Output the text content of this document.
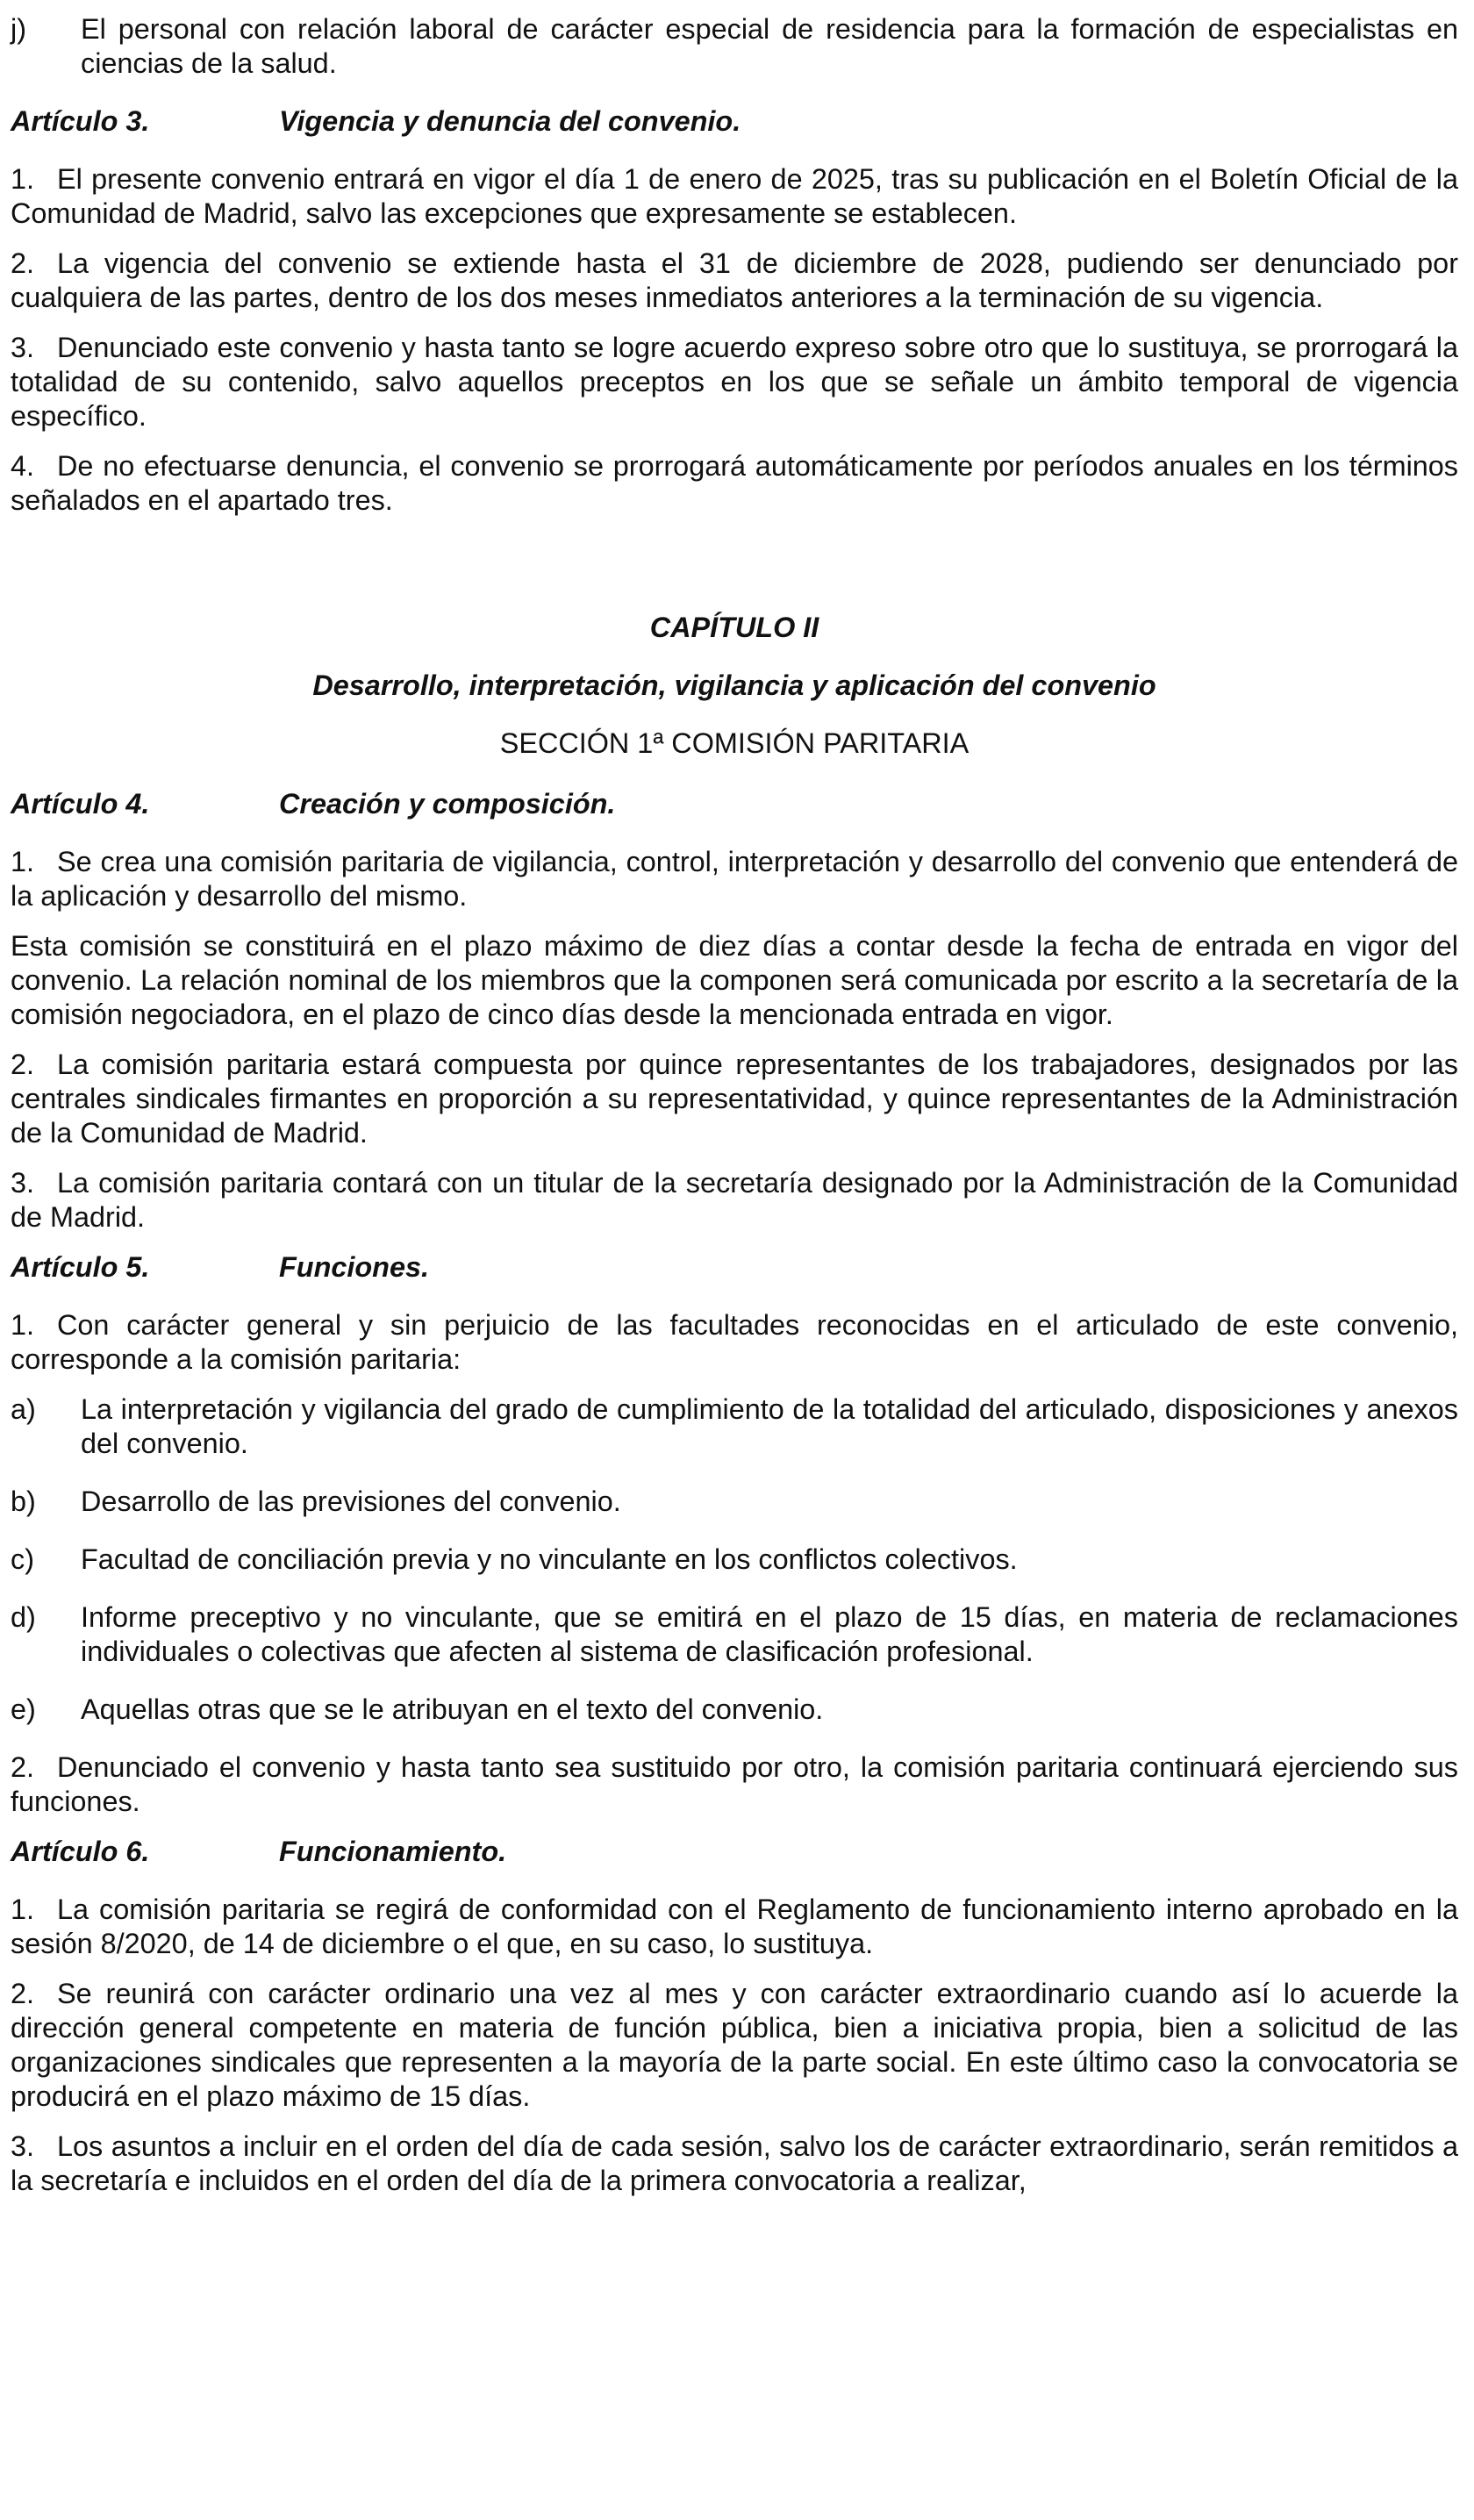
j)	El personal con relación laboral de carácter especial de residencia para la formación de especialistas en ciencias de la salud.
Artículo 3.	Vigencia y denuncia del convenio.

1. El presente convenio entrará en vigor el día 1 de enero de 2025, tras su publicación en el Boletín Oficial de la Comunidad de Madrid, salvo las excepciones que expresamente se establecen.

2. La vigencia del convenio se extiende hasta el 31 de diciembre de 2028, pudiendo ser denunciado por cualquiera de las partes, dentro de los dos meses inmediatos anteriores a la terminación de su vigencia.

3. Denunciado este convenio y hasta tanto se logre acuerdo expreso sobre otro que lo sustituya, se prorrogará la totalidad de su contenido, salvo aquellos preceptos en los que se señale un ámbito temporal de vigencia específico.

4. De no efectuarse denuncia, el convenio se prorrogará automáticamente por períodos anuales en los términos señalados en el apartado tres.

CAPÍTULO II
Desarrollo, interpretación, vigilancia y aplicación del convenio
SECCIÓN 1ª COMISIÓN PARITARIA
Artículo 4.	Creación y composición.

1. Se crea una comisión paritaria de vigilancia, control, interpretación y desarrollo del convenio que entenderá de la aplicación y desarrollo del mismo.

Esta comisión se constituirá en el plazo máximo de diez días a contar desde la fecha de entrada en vigor del convenio. La relación nominal de los miembros que la componen será comunicada por escrito a la secretaría de la comisión negociadora, en el plazo de cinco días desde la mencionada entrada en vigor.

2. La comisión paritaria estará compuesta por quince representantes de los trabajadores, designados por las centrales sindicales firmantes en proporción a su representatividad, y quince representantes de la Administración de la Comunidad de Madrid.

3. La comisión paritaria contará con un titular de la secretaría designado por la Administración de la Comunidad de Madrid.

Artículo 5.	Funciones.

1. Con carácter general y sin perjuicio de las facultades reconocidas en el articulado de este convenio, corresponde a la comisión paritaria:

a)	La interpretación y vigilancia del grado de cumplimiento de la totalidad del articulado, disposiciones y anexos del convenio.
b)	Desarrollo de las previsiones del convenio.
c)	Facultad de conciliación previa y no vinculante en los conflictos colectivos.
d)	Informe preceptivo y no vinculante, que se emitirá en el plazo de 15 días, en materia de reclamaciones individuales o colectivas que afecten al sistema de clasificación profesional.
e)	Aquellas otras que se le atribuyan en el texto del convenio.

2. Denunciado el convenio y hasta tanto sea sustituido por otro, la comisión paritaria continuará ejerciendo sus funciones.

Artículo 6.	Funcionamiento.

1. La comisión paritaria se regirá de conformidad con el Reglamento de funcionamiento interno aprobado en la sesión 8/2020, de 14 de diciembre o el que, en su caso, lo sustituya.

2. Se reunirá con carácter ordinario una vez al mes y con carácter extraordinario cuando así lo acuerde la dirección general competente en materia de función pública, bien a iniciativa propia, bien a solicitud de las organizaciones sindicales que representen a la mayoría de la parte social. En este último caso la convocatoria se producirá en el plazo máximo de 15 días.

3. Los asuntos a incluir en el orden del día de cada sesión, salvo los de carácter extraordinario, serán remitidos a la secretaría e incluidos en el orden del día de la primera convocatoria a realizar,
